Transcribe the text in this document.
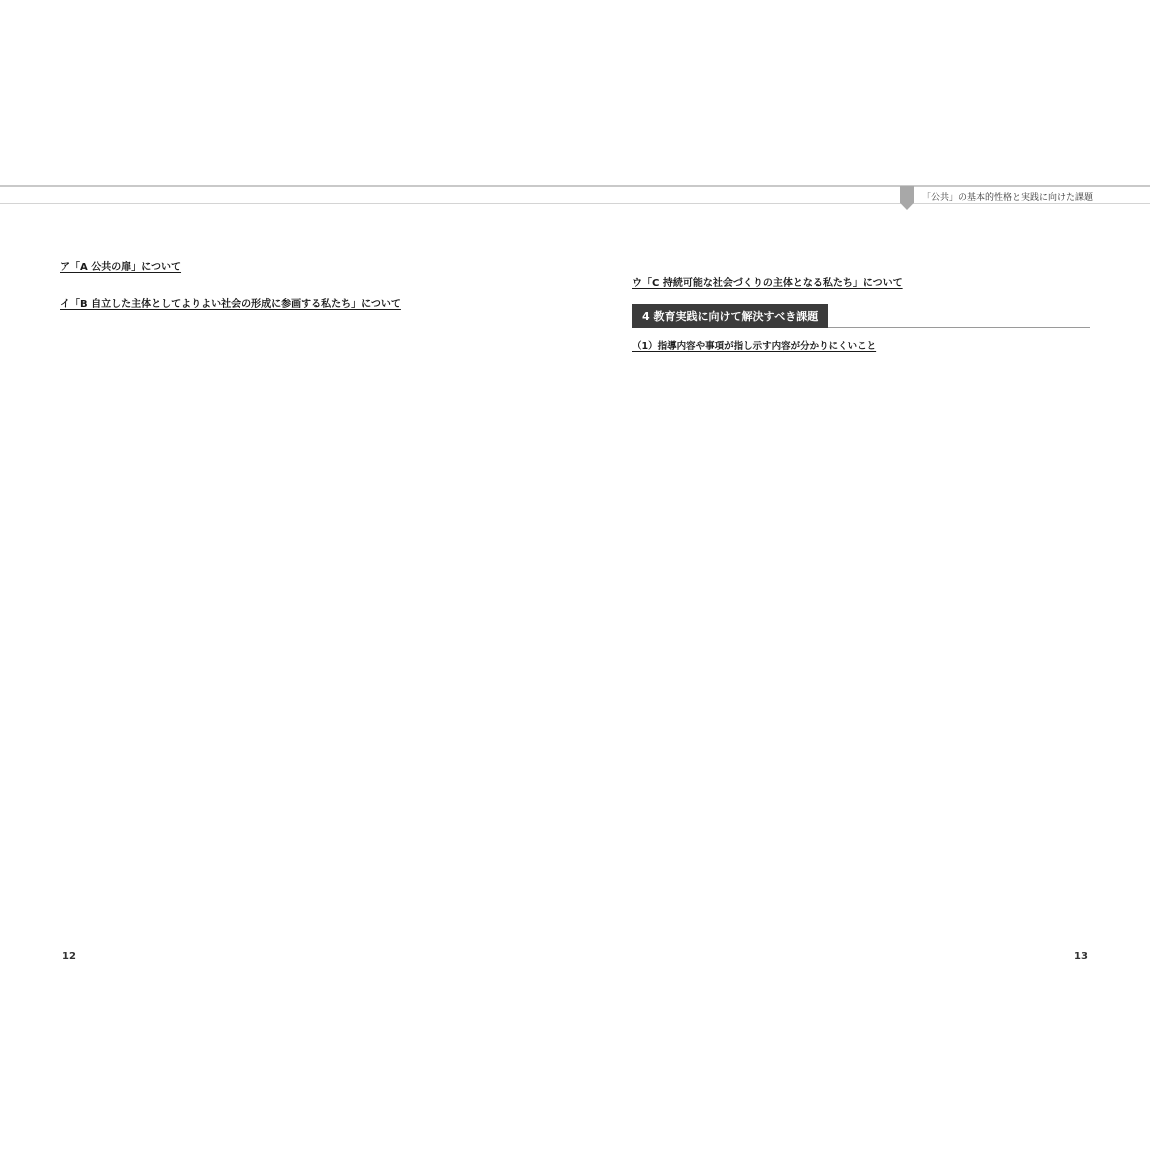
「公共」の基本的性格と実践に向けた課題
ア「A 公共の扉」について

イ「B 自立した主体としてよりよい社会の形成に参画する私たち」について

ウ「C 持続可能な社会づくりの主体となる私たち」について

4 教育実践に向けて解決すべき課題

（1）指導内容や事項が指し示す内容が分かりにくいこと

12	13
